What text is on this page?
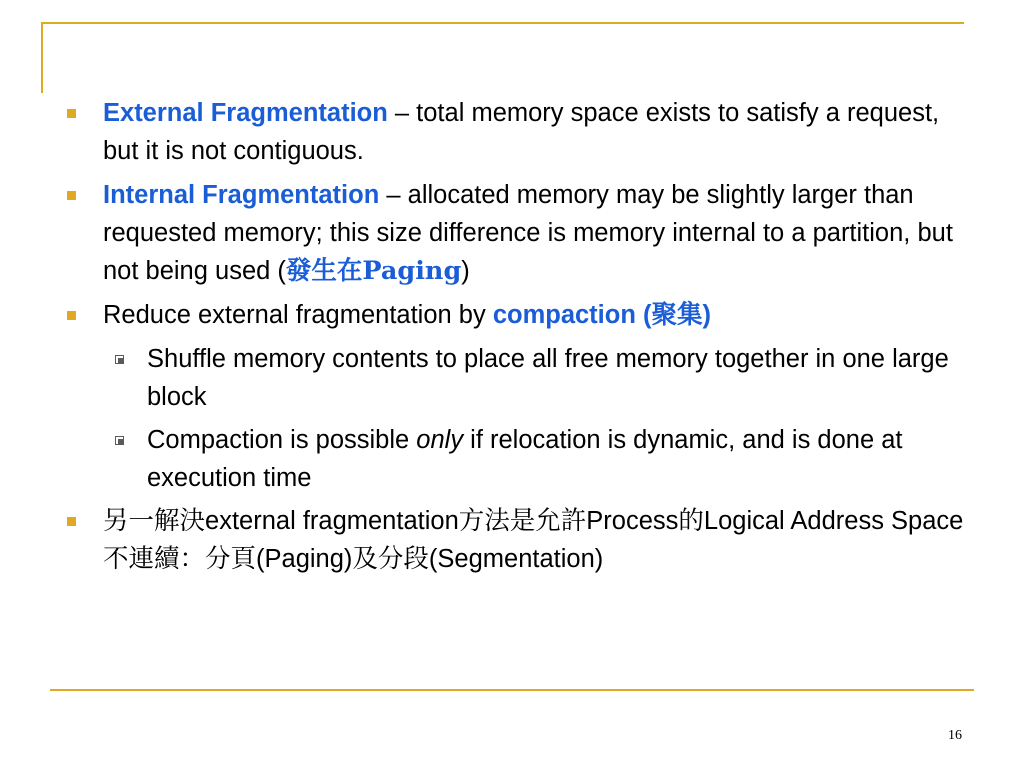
External Fragmentation – total memory space exists to satisfy a request, but it is not contiguous.
Internal Fragmentation – allocated memory may be slightly larger than requested memory; this size difference is memory internal to a partition, but not being used (發生在Paging)
Reduce external fragmentation by compaction (聚集)
Shuffle memory contents to place all free memory together in one large block
Compaction is possible only if relocation is dynamic, and is done at execution time
另一解決external fragmentation方法是允許Process的Logical Address Space不連續：分頁(Paging)及分段(Segmentation)
16
